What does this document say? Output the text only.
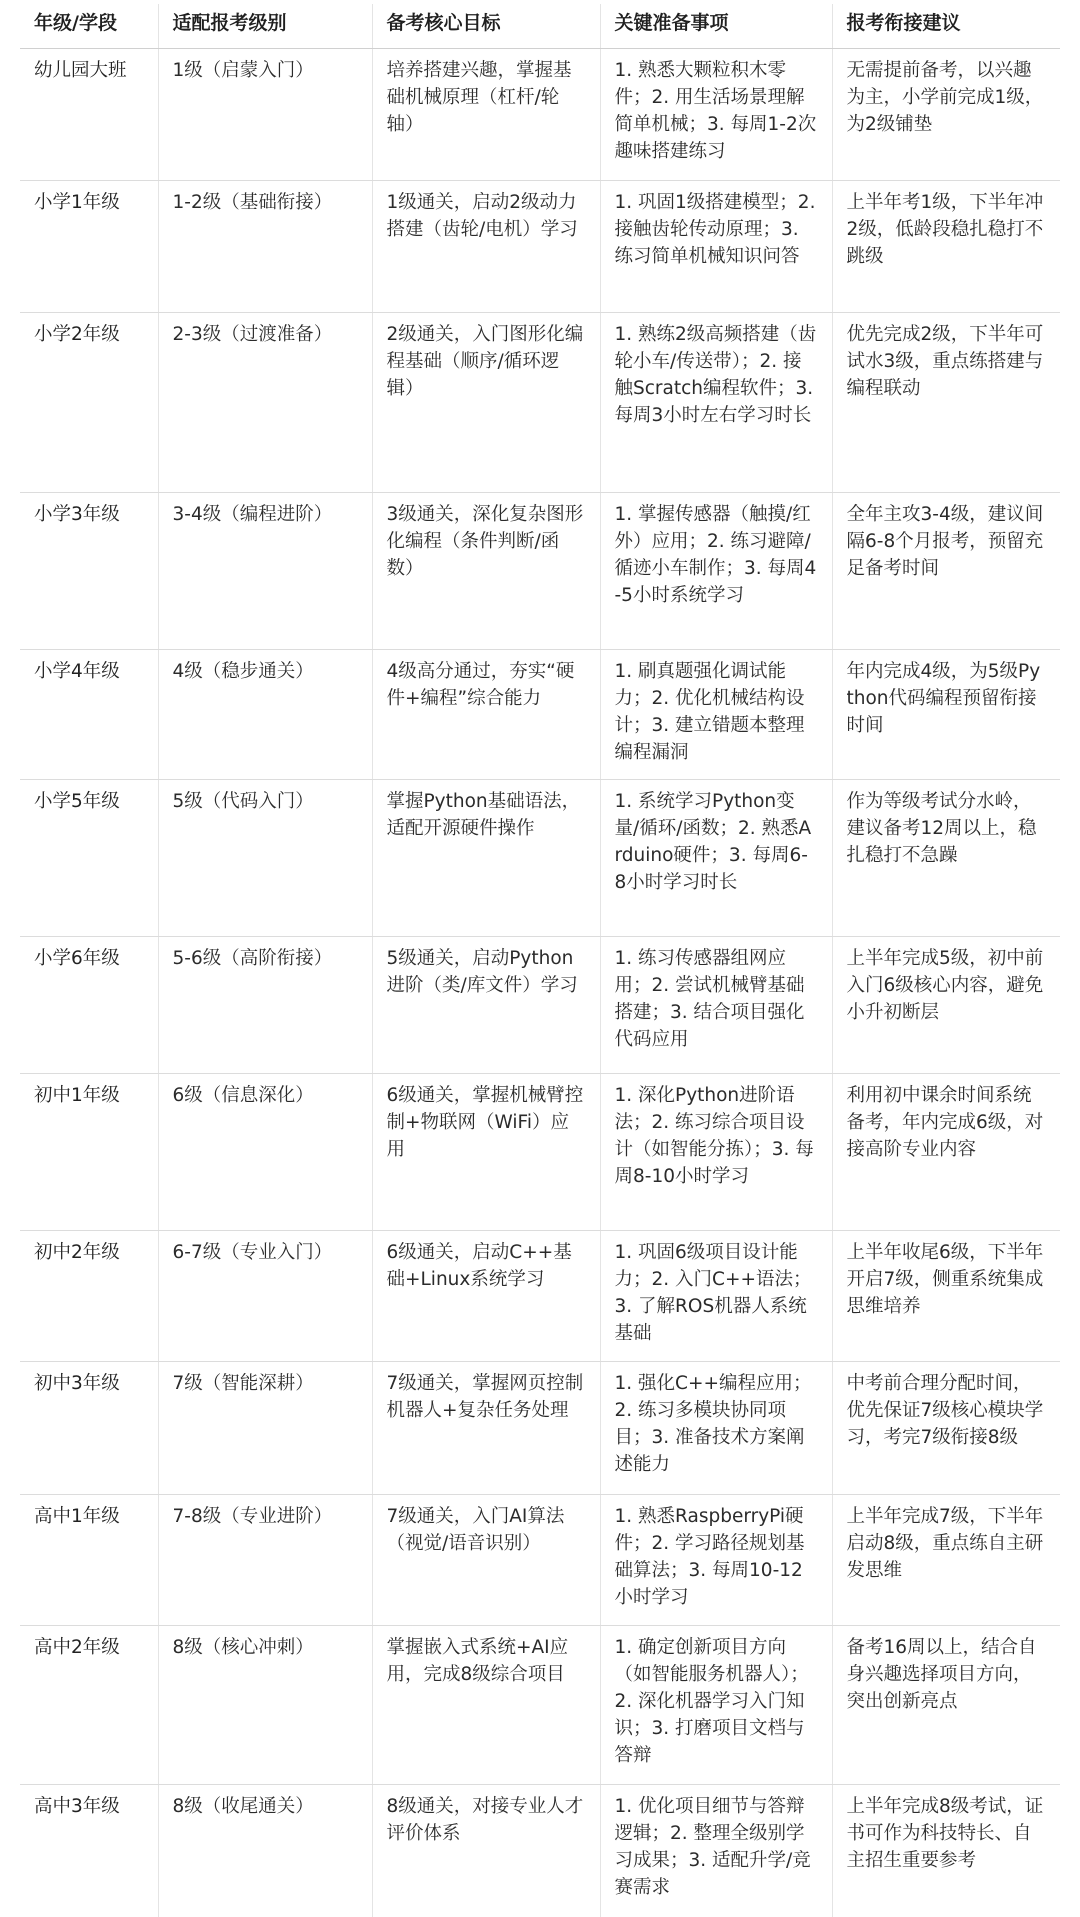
年级/学段	适配报考级别	备考核心目标	关键准备事项	报考衔接建议
幼儿园大班	1级（启蒙入门）	培养搭建兴趣，掌握基础机械原理（杠杆/轮轴）	1. 熟悉大颗粒积木零件；2. 用生活场景理解简单机械；3. 每周1-2次趣味搭建练习	无需提前备考，以兴趣为主，小学前完成1级，为2级铺垫
小学1年级	1-2级（基础衔接）	1级通关，启动2级动力搭建（齿轮/电机）学习	1. 巩固1级搭建模型；2. 接触齿轮传动原理；3. 练习简单机械知识问答	上半年考1级，下半年冲2级，低龄段稳扎稳打不跳级
小学2年级	2-3级（过渡准备）	2级通关，入门图形化编程基础（顺序/循环逻辑）	1. 熟练2级高频搭建（齿轮小车/传送带）；2. 接触Scratch编程软件；3. 每周3小时左右学习时长	优先完成2级，下半年可试水3级，重点练搭建与编程联动
小学3年级	3-4级（编程进阶）	3级通关，深化复杂图形化编程（条件判断/函数）	1. 掌握传感器（触摸/红外）应用；2. 练习避障/循迹小车制作；3. 每周4-5小时系统学习	全年主攻3-4级，建议间隔6-8个月报考，预留充足备考时间
小学4年级	4级（稳步通关）	4级高分通过，夯实“硬件+编程”综合能力	1. 刷真题强化调试能力；2. 优化机械结构设计；3. 建立错题本整理编程漏洞	年内完成4级，为5级Python代码编程预留衔接时间
小学5年级	5级（代码入门）	掌握Python基础语法，适配开源硬件操作	1. 系统学习Python变量/循环/函数；2. 熟悉Arduino硬件；3. 每周6-8小时学习时长	作为等级考试分水岭，建议备考12周以上，稳扎稳打不急躁
小学6年级	5-6级（高阶衔接）	5级通关，启动Python进阶（类/库文件）学习	1. 练习传感器组网应用；2. 尝试机械臂基础搭建；3. 结合项目强化代码应用	上半年完成5级，初中前入门6级核心内容，避免小升初断层
初中1年级	6级（信息深化）	6级通关，掌握机械臂控制+物联网（WiFi）应用	1. 深化Python进阶语法；2. 练习综合项目设计（如智能分拣）；3. 每周8-10小时学习	利用初中课余时间系统备考，年内完成6级，对接高阶专业内容
初中2年级	6-7级（专业入门）	6级通关，启动C++基础+Linux系统学习	1. 巩固6级项目设计能力；2. 入门C++语法；3. 了解ROS机器人系统基础	上半年收尾6级，下半年开启7级，侧重系统集成思维培养
初中3年级	7级（智能深耕）	7级通关，掌握网页控制机器人+复杂任务处理	1. 强化C++编程应用；2. 练习多模块协同项目；3. 准备技术方案阐述能力	中考前合理分配时间，优先保证7级核心模块学习，考完7级衔接8级
高中1年级	7-8级（专业进阶）	7级通关，入门AI算法（视觉/语音识别）	1. 熟悉RaspberryPi硬件；2. 学习路径规划基础算法；3. 每周10-12小时学习	上半年完成7级，下半年启动8级，重点练自主研发思维
高中2年级	8级（核心冲刺）	掌握嵌入式系统+AI应用，完成8级综合项目	1. 确定创新项目方向（如智能服务机器人）；2. 深化机器学习入门知识；3. 打磨项目文档与答辩	备考16周以上，结合自身兴趣选择项目方向，突出创新亮点
高中3年级	8级（收尾通关）	8级通关，对接专业人才评价体系	1. 优化项目细节与答辩逻辑；2. 整理全级别学习成果；3. 适配升学/竞赛需求	上半年完成8级考试，证书可作为科技特长、自主招生重要参考
